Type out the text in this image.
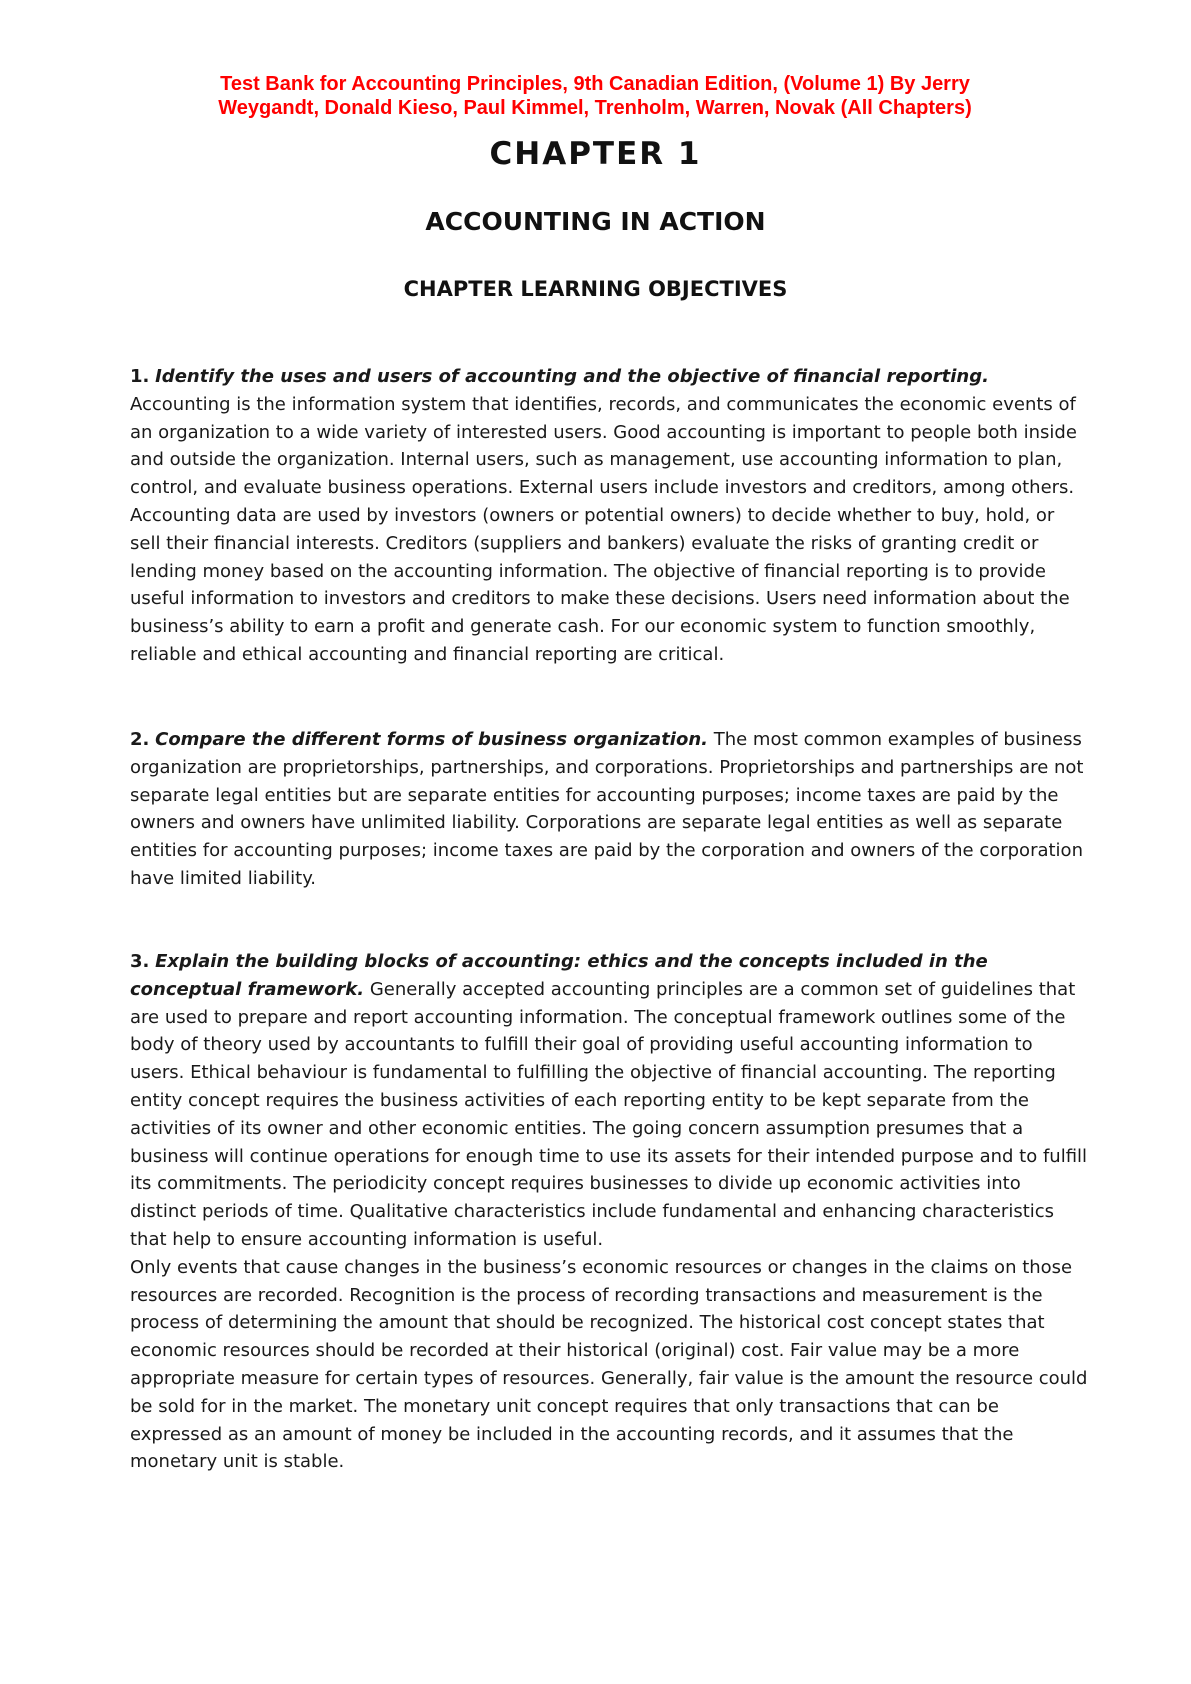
Test Bank for Accounting Principles, 9th Canadian Edition, (Volume 1) By Jerry
Weygandt, Donald Kieso, Paul Kimmel, Trenholm, Warren, Novak (All Chapters)
CHAPTER 1
ACCOUNTING IN ACTION
CHAPTER LEARNING OBJECTIVES
1. Identify the uses and users of accounting and the objective of financial reporting. Accounting is the information system that identifies, records, and communicates the economic events of an organization to a wide variety of interested users. Good accounting is important to people both inside and outside the organization. Internal users, such as management, use accounting information to plan, control, and evaluate business operations. External users include investors and creditors, among others. Accounting data are used by investors (owners or potential owners) to decide whether to buy, hold, or sell their financial interests. Creditors (suppliers and bankers) evaluate the risks of granting credit or lending money based on the accounting information. The objective of financial reporting is to provide useful information to investors and creditors to make these decisions. Users need information about the business’s ability to earn a profit and generate cash. For our economic system to function smoothly, reliable and ethical accounting and financial reporting are critical.
2. Compare the different forms of business organization. The most common examples of business organization are proprietorships, partnerships, and corporations. Proprietorships and partnerships are not separate legal entities but are separate entities for accounting purposes; income taxes are paid by the owners and owners have unlimited liability. Corporations are separate legal entities as well as separate entities for accounting purposes; income taxes are paid by the corporation and owners of the corporation have limited liability.
3. Explain the building blocks of accounting: ethics and the concepts included in the conceptual framework. Generally accepted accounting principles are a common set of guidelines that are used to prepare and report accounting information. The conceptual framework outlines some of the body of theory used by accountants to fulfill their goal of providing useful accounting information to users. Ethical behaviour is fundamental to fulfilling the objective of financial accounting. The reporting entity concept requires the business activities of each reporting entity to be kept separate from the activities of its owner and other economic entities. The going concern assumption presumes that a business will continue operations for enough time to use its assets for their intended purpose and to fulfill its commitments. The periodicity concept requires businesses to divide up economic activities into distinct periods of time. Qualitative characteristics include fundamental and enhancing characteristics that help to ensure accounting information is useful.
Only events that cause changes in the business’s economic resources or changes in the claims on those resources are recorded. Recognition is the process of recording transactions and measurement is the process of determining the amount that should be recognized. The historical cost concept states that economic resources should be recorded at their historical (original) cost. Fair value may be a more appropriate measure for certain types of resources. Generally, fair value is the amount the resource could be sold for in the market. The monetary unit concept requires that only transactions that can be expressed as an amount of money be included in the accounting records, and it assumes that the monetary unit is stable.
